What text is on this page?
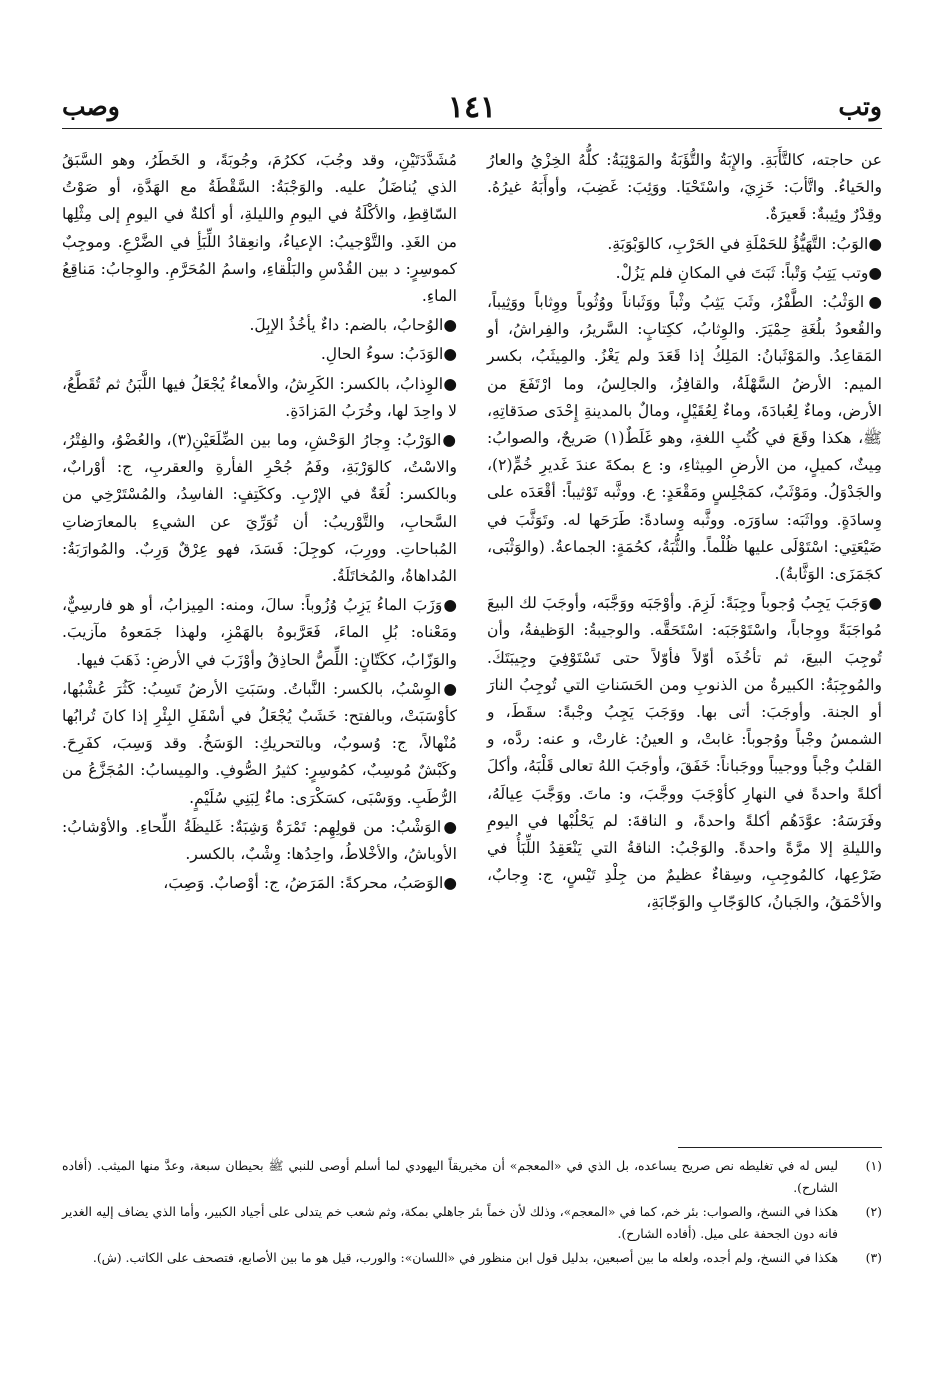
وتب
١٤١
وصب

عن حاجته، كالتَّأَبَةِ. والإِبَةُ والتُّؤَبَةُ والمَوْئِبَةُ: كلُّهُ الخِزْيُ والعارُ والحَياءُ. واتَّأبَ: خَزِيَ، واسْتَحْيَا. ووَئِبَ: غَضِبَ، وأوأَبَهُ غيرُهُ. وقِدْرٌ وئِيبةٌ: قَعيرَةٌ.

●الوَبُ: التَّهَيُّؤُ للحَمْلَةِ في الحَرْبِ، كالوَبْوَبَةِ.

●وتب يَتِبُ وَتْباً: ثَبَتَ في المكانِ فلم يَزُلْ.

●الوَثْبُ: الطَّفْرُ، وثَبَ يَثِبُ وثْباً ووَثَباناً ووُثُوباً ووِثاباً ووَثِيباً، والقُعودُ بلُغَةِ حِمْيَرَ. والوِثابُ، ككِتابٍ: السَّريرُ، والفِراشُ، أو المَقاعِدُ. والمَوْثَبانُ: المَلِكُ إذا قَعَدَ ولم يَغْزُ. والمِيثَبُ، بكسر الميم: الأرضُ السَّهْلَةُ، والقافِزُ، والجالِسُ، وما ارْتَفَعَ من الأرض، وماءٌ لِعُبادَةَ، وماءٌ لِعُقَيْلٍ، ومالٌ بالمدينةِ إِحْدَى صدَقاتِهِ، ﷺ، هكذا وقَعَ في كُتُبِ اللغةِ، وهو غَلَطٌ(١) صَريحٌ، والصوابُ: مِيثٌ، كميلٍ، من الأرضِ المِيثاءِ، و: ع بمكةَ عندَ غَديرِ خُمٍّ(٢)، والجَدْوَلُ. ومَوْثَبٌ، كمَجْلِسٍ ومَقْعَدٍ: ع. ووثَّبه تَوْثيباً: أقْعَدَه على وِسادَةٍ. وواثَبَه: ساوَرَه. ووثَّبه وِسادةً: طَرَحَها له. وتَوَثَّبَ في ضَيْعَتِي: اسْتَوْلَى عليها ظُلْماً. والثُّبَةُ، كحُمَةٍ: الجماعةُ. (والوَثْبَى، كجَمَزَى: الوَثَّابةُ).

●وَجَبَ يَجِبُ وُجوباً وجِبَةً: لَزِمَ. وأوْجَبَه ووَجَّبَه، وأوجَبَ لك البيعَ مُواجَبَةً ووِجاباً، واسْتَوْجَبَه: اسْتَحَقَّه. والوجيبةُ: الوَظيفةُ، وأن تُوجِبَ البيعَ، ثم تأخُذَه أوّلاً فأوّلاً حتى تَسْتَوْفِيَ وجِيبَتَكَ. والمُوجِبَةُ: الكبيرةُ من الذنوبِ ومن الحَسَناتِ التي تُوجِبُ النارَ أو الجنة. وأوجَبَ: أتى بها. ووَجَبَ يَجِبُ وجْبةً: سقَطَ، و الشمسُ وجْباً ووُجوباً: غابتْ، و العينُ: غارتْ، و عنه: ردَّه، و القلبُ وجْباً ووجيباً ووجَباناً: خَفَقَ، وأوجَبَ اللهُ تعالى قَلْبَهُ، وأكلَ أكلةً واحدةً في النهارِ كأوْجَبَ ووجَّبَ، و: ماتَ. ووَجَّبَ عِيالَهُ، وفَرَسَهُ: عوَّدَهُم أكلةً واحدةً، و الناقةَ: لم يَحْلُبْها في اليومِ والليلةِ إلا مرَّةً واحدةً. والوَجْبُ: الناقةُ التي يَنْعَقِدُ اللِّبَأُ في ضَرْعِها، كالمُوجِبِ، وسِقاءٌ عظيمٌ من جِلْدِ تَيْسٍ، ج: وِجابٌ، والأحْمَقُ، والجَبانُ، كالوَجّابِ والوَجّابَةِ،

مُشَدَّدَتَيْنِ، وقد وجُبَ، ككرُمَ، وجُوبَةً، و الخَطَرُ، وهو السَّبَقُ الذي يُناضَلُ عليه. والوَجْبَةُ: السَّقْطَةُ مع الهَدَّةِ، أو صَوْتُ السّاقِطِ، والأكْلَةُ في اليومِ والليلةِ، أو أكلةٌ في اليومِ إلى مِثْلِها من الغَدِ. والتَّوْجيبُ: الإعياءُ، وانعِقادُ اللِّبَأِ في الضَّرْعِ. وموجِبٌ كموسِرٍ: د بين القُدْسِ والبَلْقاءِ، واسمُ المُحَرَّمِ. والوِجابُ: مَناقِعُ الماءِ.

●الوُحابُ، بالضم: داءٌ يأخُذُ الإبِلَ.

●الوَدَبُ: سوءُ الحالِ.

●الوِذابُ، بالكسر: الكَرِشُ، والأمعاءُ يُجْعَلُ فيها اللَّبَنُ ثم تُقَطَّعُ، لا واحِدَ لها، وخُرَبُ المَزادَةِ.

●الوَرْبُ: وِجارُ الوَحْشِ، وما بين الضِّلَعَيْنِ(٣)، والعُضْوُ، والفِتْرُ، والاسْتُ، كالوَرْبَةِ، وفَمُ جُحْرِ الفأرةِ والعقربِ، ج: أوْرابٌ، وبالكسر: لُغَةٌ في الإرْبِ. وككَتِفٍ: الفاسِدُ، والمُسْتَرْخِي من السَّحابِ، والتَّوْريبُ: أن تُوَرِّيَ عن الشيءِ بالمعارَضاتِ المُباحاتِ. وورِبَ، كوجِلَ: فَسَدَ، فهو عِرْقٌ وَرِبٌ. والمُوارَبَةُ: المُداهاةُ، والمُخاتَلَةُ.

●وَزَبَ الماءُ يَزِبُ وُزُوباً: سالَ، ومنه: المِيزابُ، أو هو فارسِيٌّ، ومَعْناه: بُلِ الماءَ، فَعَرَّبوهُ بالهَمْزِ، ولهذا جَمَعوهُ مآزيبَ. والوَزّابُ، ككَتّانٍ: اللِّصُّ الحاذِقُ وأوْزَبَ في الأرضِ: ذَهَبَ فيها.

●الوِسْبُ، بالكسر: النَّباتُ. وسَبَتِ الأرضُ تَسِبُ: كَثُرَ عُشْبُها، كأوْسَبَتْ، وبالفتح: خَشَبٌ يُجْعَلُ في أسْفَلِ البِئْرِ إذا كانَ تُرابُها مُنْهالاً، ج: وُسوبٌ، وبالتحريكِ: الوَسَخُ. وقد وَسِبَ، كفَرِحَ. وكَبْشٌ مُوسِبٌ، كمُوسِرٍ: كثيرُ الصُّوفِ. والمِيسابُ: المُجَزَّعُ من الرُّطَبِ. ووَسْبَى، كسَكْرَى: ماءٌ لِبَنِي سُلَيْمٍ.

●الوَشْبُ: من قولِهِم: تَمْرَةٌ وَشِبَةٌ: غَليظَةُ اللِّحاءِ. والأوْشابُ: الأوباشُ، والأخْلاطُ، واحِدُها: وِشْبٌ، بالكسر.

●الوَصَبُ، محركةً: المَرَضُ، ج: أوْصابٌ. وَصِبَ،

(١)
ليس له في تغليطه نص صريح يساعده، بل الذي في «المعجم» أن مخيريقاً اليهودي لما أسلم أوصى للنبي ﷺ بحيطان سبعة، وعدَّ منها الميثب. (أفاده الشارح).
(٢)
هكذا في النسخ، والصواب: بئر خم، كما في «المعجم»، وذلك لأن خماً بئر جاهلي بمكة، وثم شعب خم يتدلى على أجياد الكبير، وأما الذي يضاف إليه الغدير فانه دون الجحفة على ميل. (أفاده الشارح).
(٣)
هكذا في النسخ، ولم أجده، ولعله ما بين أصبعين، بدليل قول ابن منظور في «اللسان»: والورب، قيل هو ما بين الأصابع، فتصحف على الكاتب. (ش).
